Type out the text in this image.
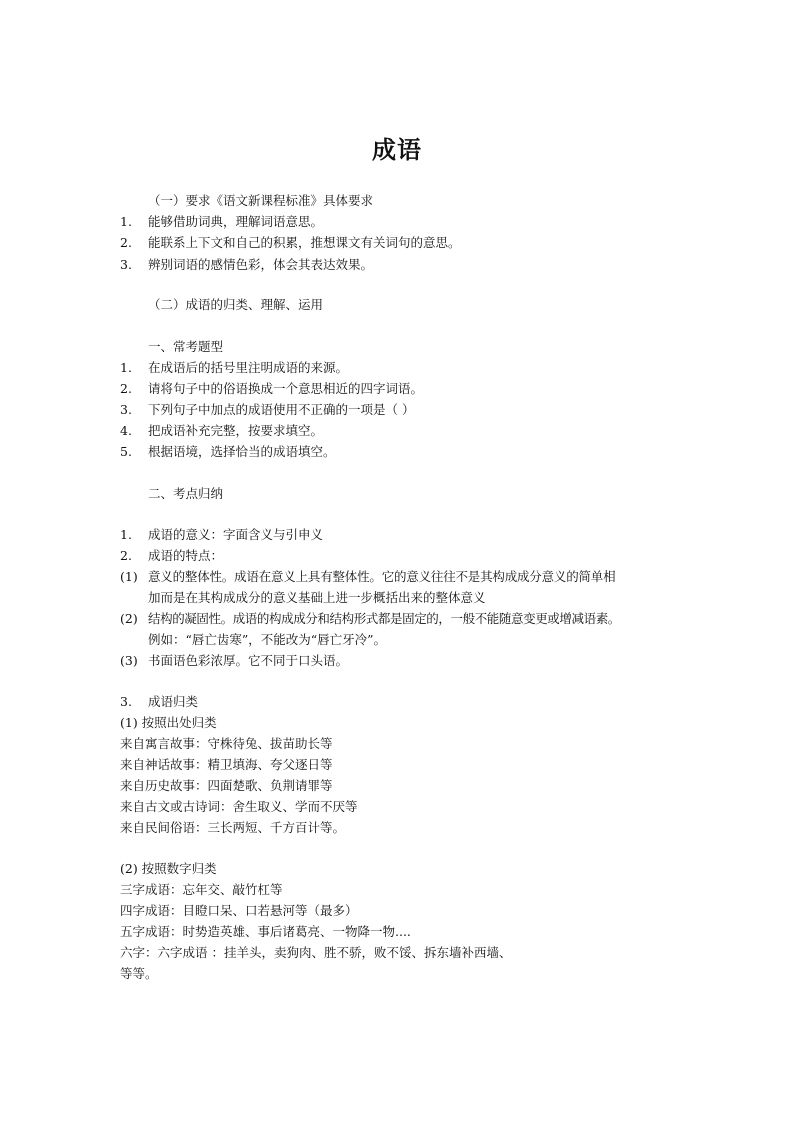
成语
（一）要求《语文新课程标准》具体要求
1. 能够借助词典，理解词语意思。
2. 能联系上下文和自己的积累，推想课文有关词句的意思。
3. 辨别词语的感情色彩，体会其表达效果。
（二）成语的归类、理解、运用
一、常考题型
1. 在成语后的括号里注明成语的来源。
2. 请将句子中的俗语换成一个意思相近的四字词语。
3. 下列句子中加点的成语使用不正确的一项是（ ）
4. 把成语补充完整，按要求填空。
5. 根据语境，选择恰当的成语填空。
二、考点归纳
1. 成语的意义：字面含义与引申义
2. 成语的特点：
(1) 意义的整体性。成语在意义上具有整体性。它的意义往往不是其构成成分意义的简单相
加而是在其构成成分的意义基础上进一步概括出来的整体意义
(2) 结构的凝固性。成语的构成成分和结构形式都是固定的，一般不能随意变更或增减语素。
例如：“唇亡齿寒”，不能改为“唇亡牙冷”。
(3) 书面语色彩浓厚。它不同于口头语。
3. 成语归类
(1) 按照出处归类
来自寓言故事：守株待兔、拔苗助长等
来自神话故事：精卫填海、夸父逐日等
来自历史故事：四面楚歌、负荆请罪等
来自古文或古诗词：舍生取义、学而不厌等
来自民间俗语：三长两短、千方百计等。
(2) 按照数字归类
三字成语：忘年交、敲竹杠等
四字成语：目瞪口呆、口若悬河等（最多）
五字成语：时势造英雄、事后诸葛亮、一物降一物....
六字：六字成语 ：挂羊头，卖狗肉、胜不骄，败不馁、拆东墙补西墙、
等等。
